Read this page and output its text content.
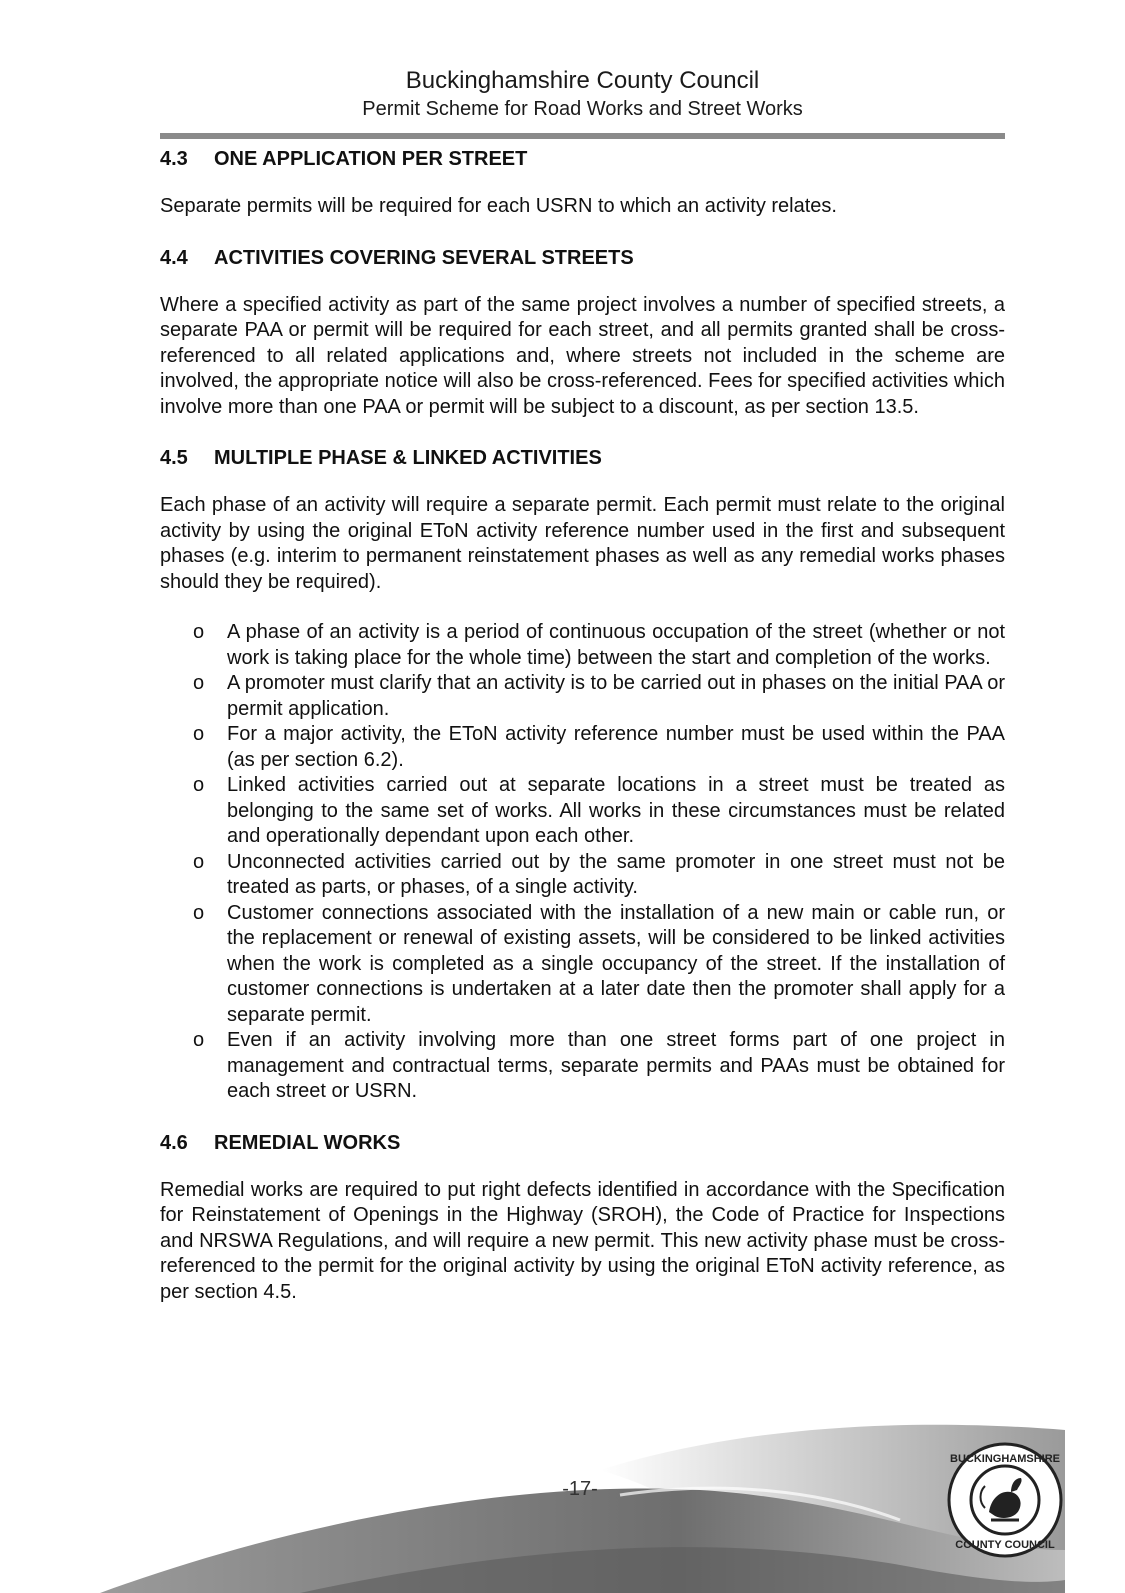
Buckinghamshire County Council
Permit Scheme for Road Works and Street Works
4.3	ONE APPLICATION PER STREET

Separate permits will be required for each USRN to which an activity relates.

4.4	ACTIVITIES COVERING SEVERAL STREETS

Where a specified activity as part of the same project involves a number of specified streets, a separate PAA or permit will be required for each street, and all permits granted shall be cross-referenced to all related applications and, where streets not included in the scheme are involved, the appropriate notice will also be cross-referenced. Fees for specified activities which involve more than one PAA or permit will be subject to a discount, as per section 13.5.

4.5	MULTIPLE PHASE & LINKED ACTIVITIES

Each phase of an activity will require a separate permit. Each permit must relate to the original activity by using the original EToN activity reference number used in the first and subsequent phases (e.g. interim to permanent reinstatement phases as well as any remedial works phases should they be required).

o A phase of an activity is a period of continuous occupation of the street (whether or not work is taking place for the whole time) between the start and completion of the works.
o A promoter must clarify that an activity is to be carried out in phases on the initial PAA or permit application.
o For a major activity, the EToN activity reference number must be used within the PAA (as per section 6.2).
o Linked activities carried out at separate locations in a street must be treated as belonging to the same set of works. All works in these circumstances must be related and operationally dependant upon each other.
o Unconnected activities carried out by the same promoter in one street must not be treated as parts, or phases, of a single activity.
o Customer connections associated with the installation of a new main or cable run, or the replacement or renewal of existing assets, will be considered to be linked activities when the work is completed as a single occupancy of the street. If the installation of customer connections is undertaken at a later date then the promoter shall apply for a separate permit.
o Even if an activity involving more than one street forms part of one project in management and contractual terms, separate permits and PAAs must be obtained for each street or USRN.
4.6	REMEDIAL WORKS

Remedial works are required to put right defects identified in accordance with the Specification for Reinstatement of Openings in the Highway (SROH), the Code of Practice for Inspections and NRSWA Regulations, and will require a new permit. This new activity phase must be cross-referenced to the permit for the original activity by using the original EToN activity reference, as per section 4.5.

-17-
BUCKINGHAMSHIRE
COUNTY COUNCIL
